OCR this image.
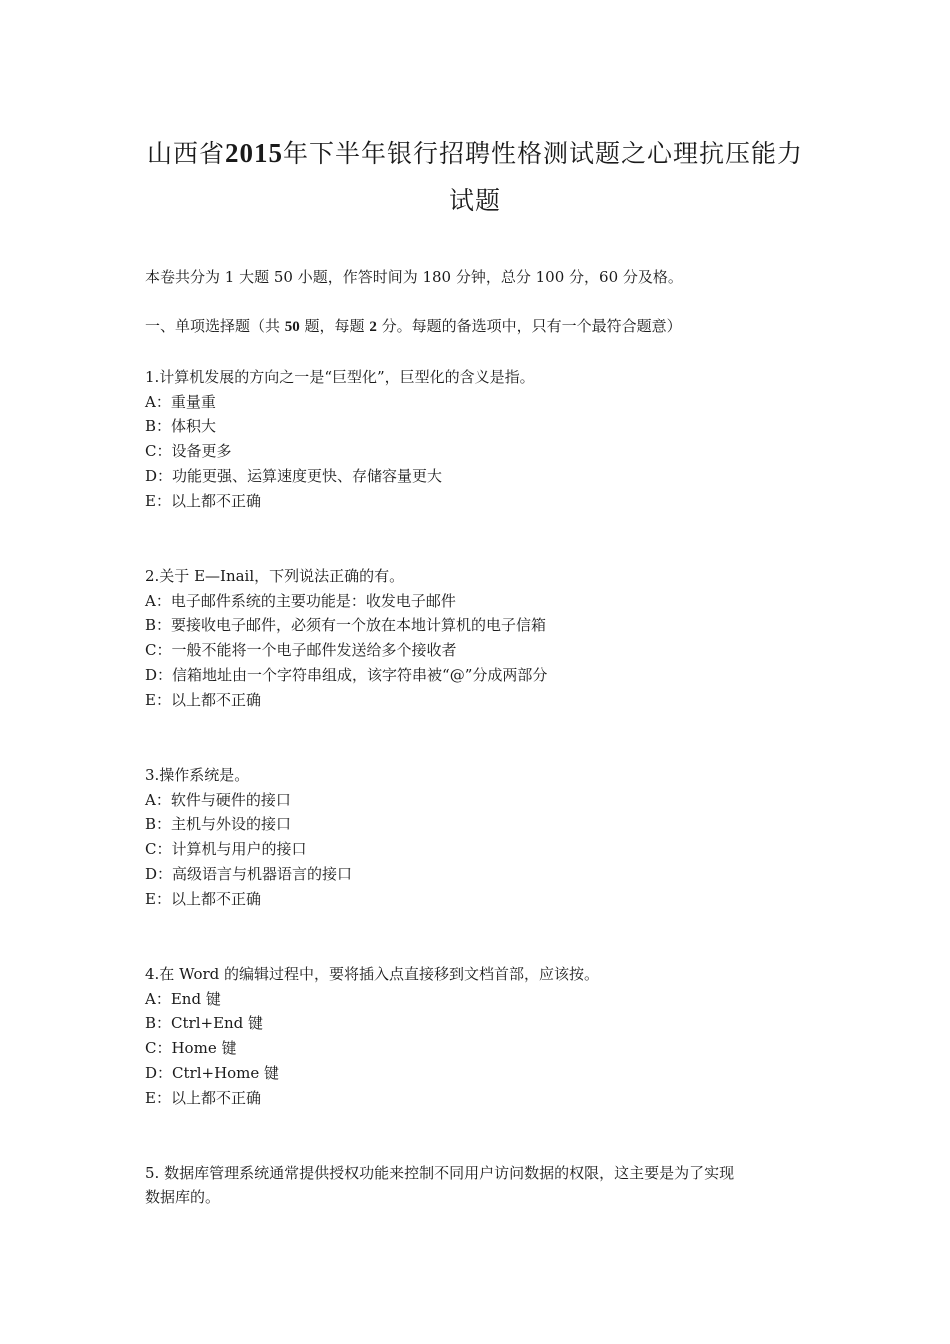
山西省2015年下半年银行招聘性格测试题之心理抗压能力
试题
本卷共分为 1 大题 50 小题，作答时间为 180 分钟，总分 100 分，60 分及格。
一、单项选择题（共 50 题，每题 2 分。每题的备选项中，只有一个最符合题意）
1.计算机发展的方向之一是“巨型化”，巨型化的含义是指。
A：重量重
B：体积大
C：设备更多
D：功能更强、运算速度更快、存储容量更大
E：以上都不正确
2.关于 E—Inail，下列说法正确的有。
A：电子邮件系统的主要功能是：收发电子邮件
B：要接收电子邮件，必须有一个放在本地计算机的电子信箱
C：一般不能将一个电子邮件发送给多个接收者
D：信箱地址由一个字符串组成，该字符串被“@”分成两部分
E：以上都不正确
3.操作系统是。
A：软件与硬件的接口
B：主机与外设的接口
C：计算机与用户的接口
D：高级语言与机器语言的接口
E：以上都不正确
4.在 Word 的编辑过程中，要将插入点直接移到文档首部，应该按。
A：End 键
B：Ctrl+End 键
C：Home 键
D：Ctrl+Home 键
E：以上都不正确
5. 数据库管理系统通常提供授权功能来控制不同用户访问数据的权限，这主要是为了实现
数据库的。
